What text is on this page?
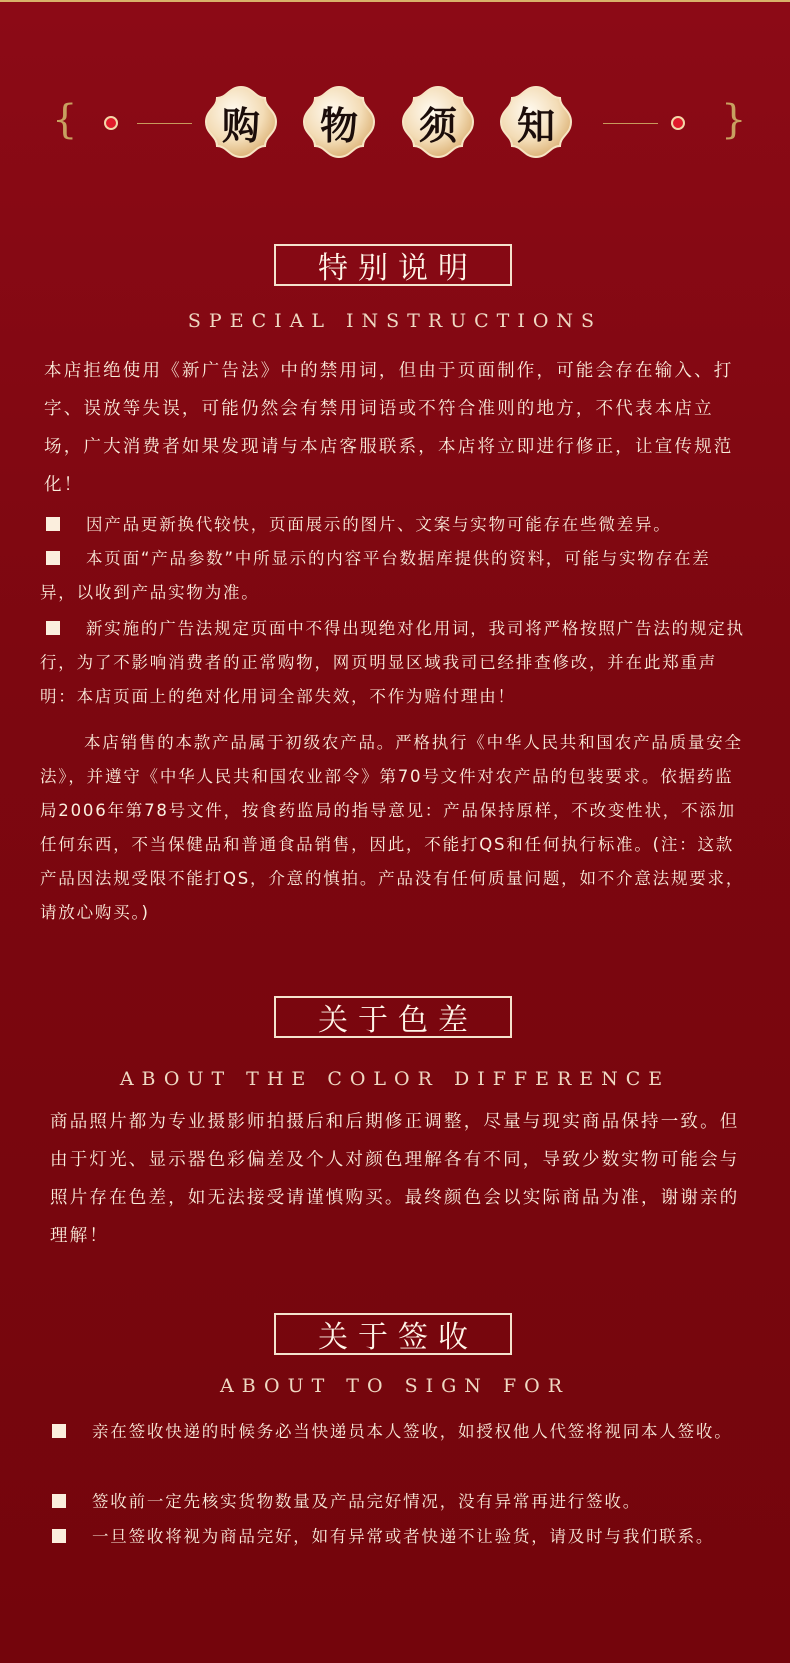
{	购	物	须	知	}
特别说明
SPECIAL INSTRUCTIONS

本店拒绝使用《新广告法》中的禁用词，但由于页面制作，可能会存在输入、打字、误放等失误，可能仍然会有禁用词语或不符合准则的地方，不代表本店立场，广大消费者如果发现请与本店客服联系，本店将立即进行修正，让宣传规范化！

因产品更新换代较快，页面展示的图片、文案与实物可能存在些微差异。

本页面“产品参数”中所显示的内容平台数据库提供的资料，可能与实物存在差异，以收到产品实物为准。

新实施的广告法规定页面中不得出现绝对化用词，我司将严格按照广告法的规定执行，为了不影响消费者的正常购物，网页明显区域我司已经排查修改，并在此郑重声明：本店页面上的绝对化用词全部失效，不作为赔付理由！

本店销售的本款产品属于初级农产品。严格执行《中华人民共和国农产品质量安全法》，并遵守《中华人民共和国农业部令》第70号文件对农产品的包装要求。依据药监局2006年第78号文件，按食药监局的指导意见：产品保持原样，不改变性状，不添加任何东西，不当保健品和普通食品销售，因此，不能打QS和任何执行标准。(注：这款产品因法规受限不能打QS，介意的慎拍。产品没有任何质量问题，如不介意法规要求，请放心购买。)

关于色差
ABOUT THE COLOR DIFFERENCE

商品照片都为专业摄影师拍摄后和后期修正调整，尽量与现实商品保持一致。但由于灯光、显示器色彩偏差及个人对颜色理解各有不同，导致少数实物可能会与照片存在色差，如无法接受请谨慎购买。最终颜色会以实际商品为准，谢谢亲的理解！

关于签收
ABOUT TO SIGN FOR

亲在签收快递的时候务必当快递员本人签收，如授权他人代签将视同本人签收。

签收前一定先核实货物数量及产品完好情况，没有异常再进行签收。

一旦签收将视为商品完好，如有异常或者快递不让验货，请及时与我们联系。
